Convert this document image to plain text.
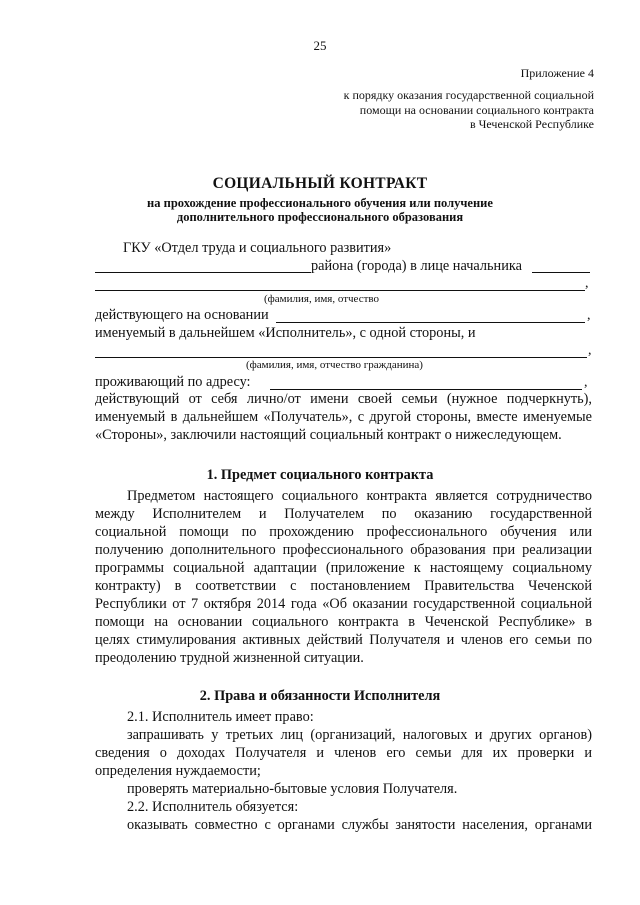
25
Приложение 4
к порядку оказания государственной социальной
помощи на основании социального контракта
в Чеченской Республике
СОЦИАЛЬНЫЙ КОНТРАКТ
на прохождение профессионального обучения или получение
дополнительного профессионального образования
ГКУ «Отдел труда и социального развития»
района (города) в лице начальника
,
(фамилия, имя, отчество
действующего на основании	,
именуемый в дальнейшем «Исполнитель», с одной стороны, и
,
(фамилия, имя, отчество гражданина)
проживающий по адресу:	,
действующий от себя лично/от имени своей семьи (нужное подчеркнуть),
именуемый в дальнейшем «Получатель», с другой стороны, вместе именуемые
«Стороны», заключили настоящий социальный контракт о нижеследующем.
1. Предмет социального контракта
Предметом настоящего социального контракта является сотрудничество
между Исполнителем и Получателем по оказанию государственной
социальной помощи по прохождению профессионального обучения или
получению дополнительного профессионального образования при реализации
программы социальной адаптации (приложение к настоящему социальному
контракту) в соответствии с постановлением Правительства Чеченской
Республики от 7 октября 2014 года «Об оказании государственной социальной
помощи на основании социального контракта в Чеченской Республике» в
целях стимулирования активных действий Получателя и членов его семьи по
преодолению трудной жизненной ситуации.
2. Права и обязанности Исполнителя
2.1. Исполнитель имеет право:
запрашивать у третьих лиц (организаций, налоговых и других органов)
сведения о доходах Получателя и членов его семьи для их проверки и
определения нуждаемости;
проверять материально-бытовые условия Получателя.
2.2. Исполнитель обязуется:
оказывать совместно с органами службы занятости населения, органами
